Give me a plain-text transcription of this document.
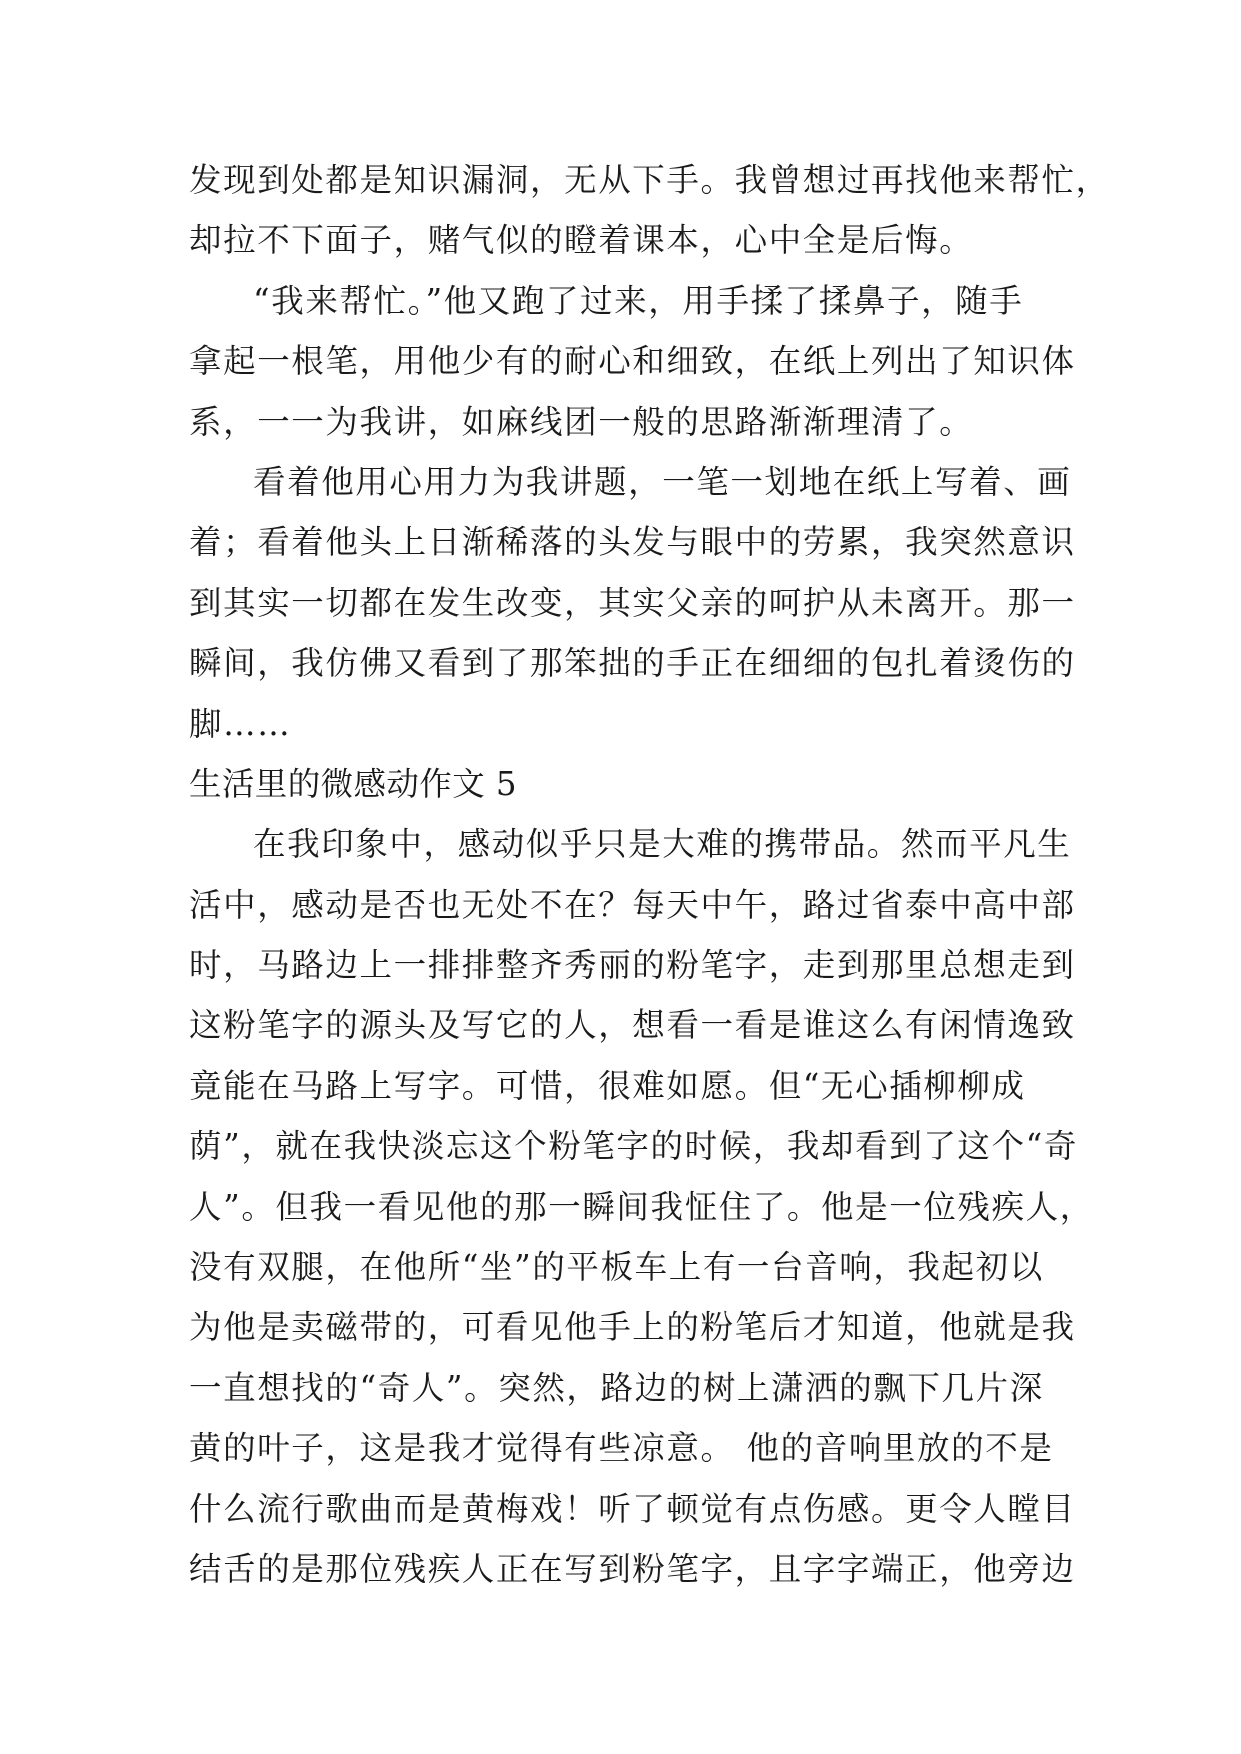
发现到处都是知识漏洞，无从下手。我曾想过再找他来帮忙，
却拉不下面子，赌气似的瞪着课本，心中全是后悔。
“我来帮忙。”他又跑了过来，用手揉了揉鼻子，随手
拿起一根笔，用他少有的耐心和细致，在纸上列出了知识体
系，一一为我讲，如麻线团一般的思路渐渐理清了。
看着他用心用力为我讲题，一笔一划地在纸上写着、画
着；看着他头上日渐稀落的头发与眼中的劳累，我突然意识
到其实一切都在发生改变，其实父亲的呵护从未离开。那一
瞬间，我仿佛又看到了那笨拙的手正在细细的包扎着烫伤的
脚……
生活里的微感动作文 5
在我印象中，感动似乎只是大难的携带品。然而平凡生
活中，感动是否也无处不在？每天中午，路过省泰中高中部
时，马路边上一排排整齐秀丽的粉笔字，走到那里总想走到
这粉笔字的源头及写它的人，想看一看是谁这么有闲情逸致
竟能在马路上写字。可惜，很难如愿。但“无心插柳柳成
荫”，就在我快淡忘这个粉笔字的时候，我却看到了这个“奇
人”。但我一看见他的那一瞬间我怔住了。他是一位残疾人，
没有双腿，在他所“坐”的平板车上有一台音响，我起初以
为他是卖磁带的，可看见他手上的粉笔后才知道，他就是我
一直想找的“奇人”。突然，路边的树上潇洒的飘下几片深
黄的叶子，这是我才觉得有些凉意。 他的音响里放的不是
什么流行歌曲而是黄梅戏！听了顿觉有点伤感。更令人瞠目
结舌的是那位残疾人正在写到粉笔字，且字字端正，他旁边
